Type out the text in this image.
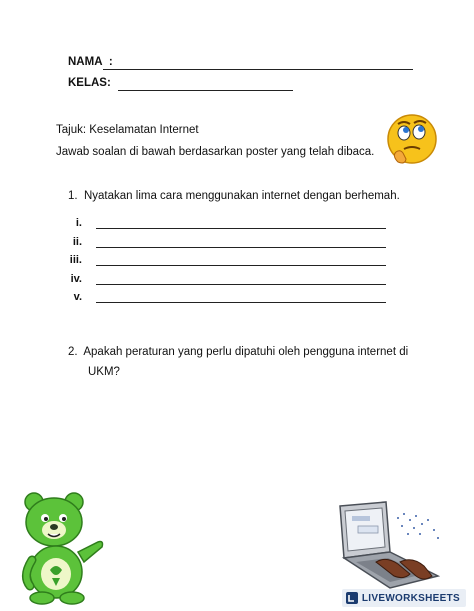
NAMA :
KELAS:
Tajuk: Keselamatan Internet
Jawab soalan di bawah berdasarkan poster yang telah dibaca.
1. Nyatakan lima cara menggunakan internet dengan berhemah.
i.
ii.
iii.
iv.
v.
2. Apakah peraturan yang perlu dipatuhi oleh pengguna internet di
UKM?
LIVEWORKSHEETS
